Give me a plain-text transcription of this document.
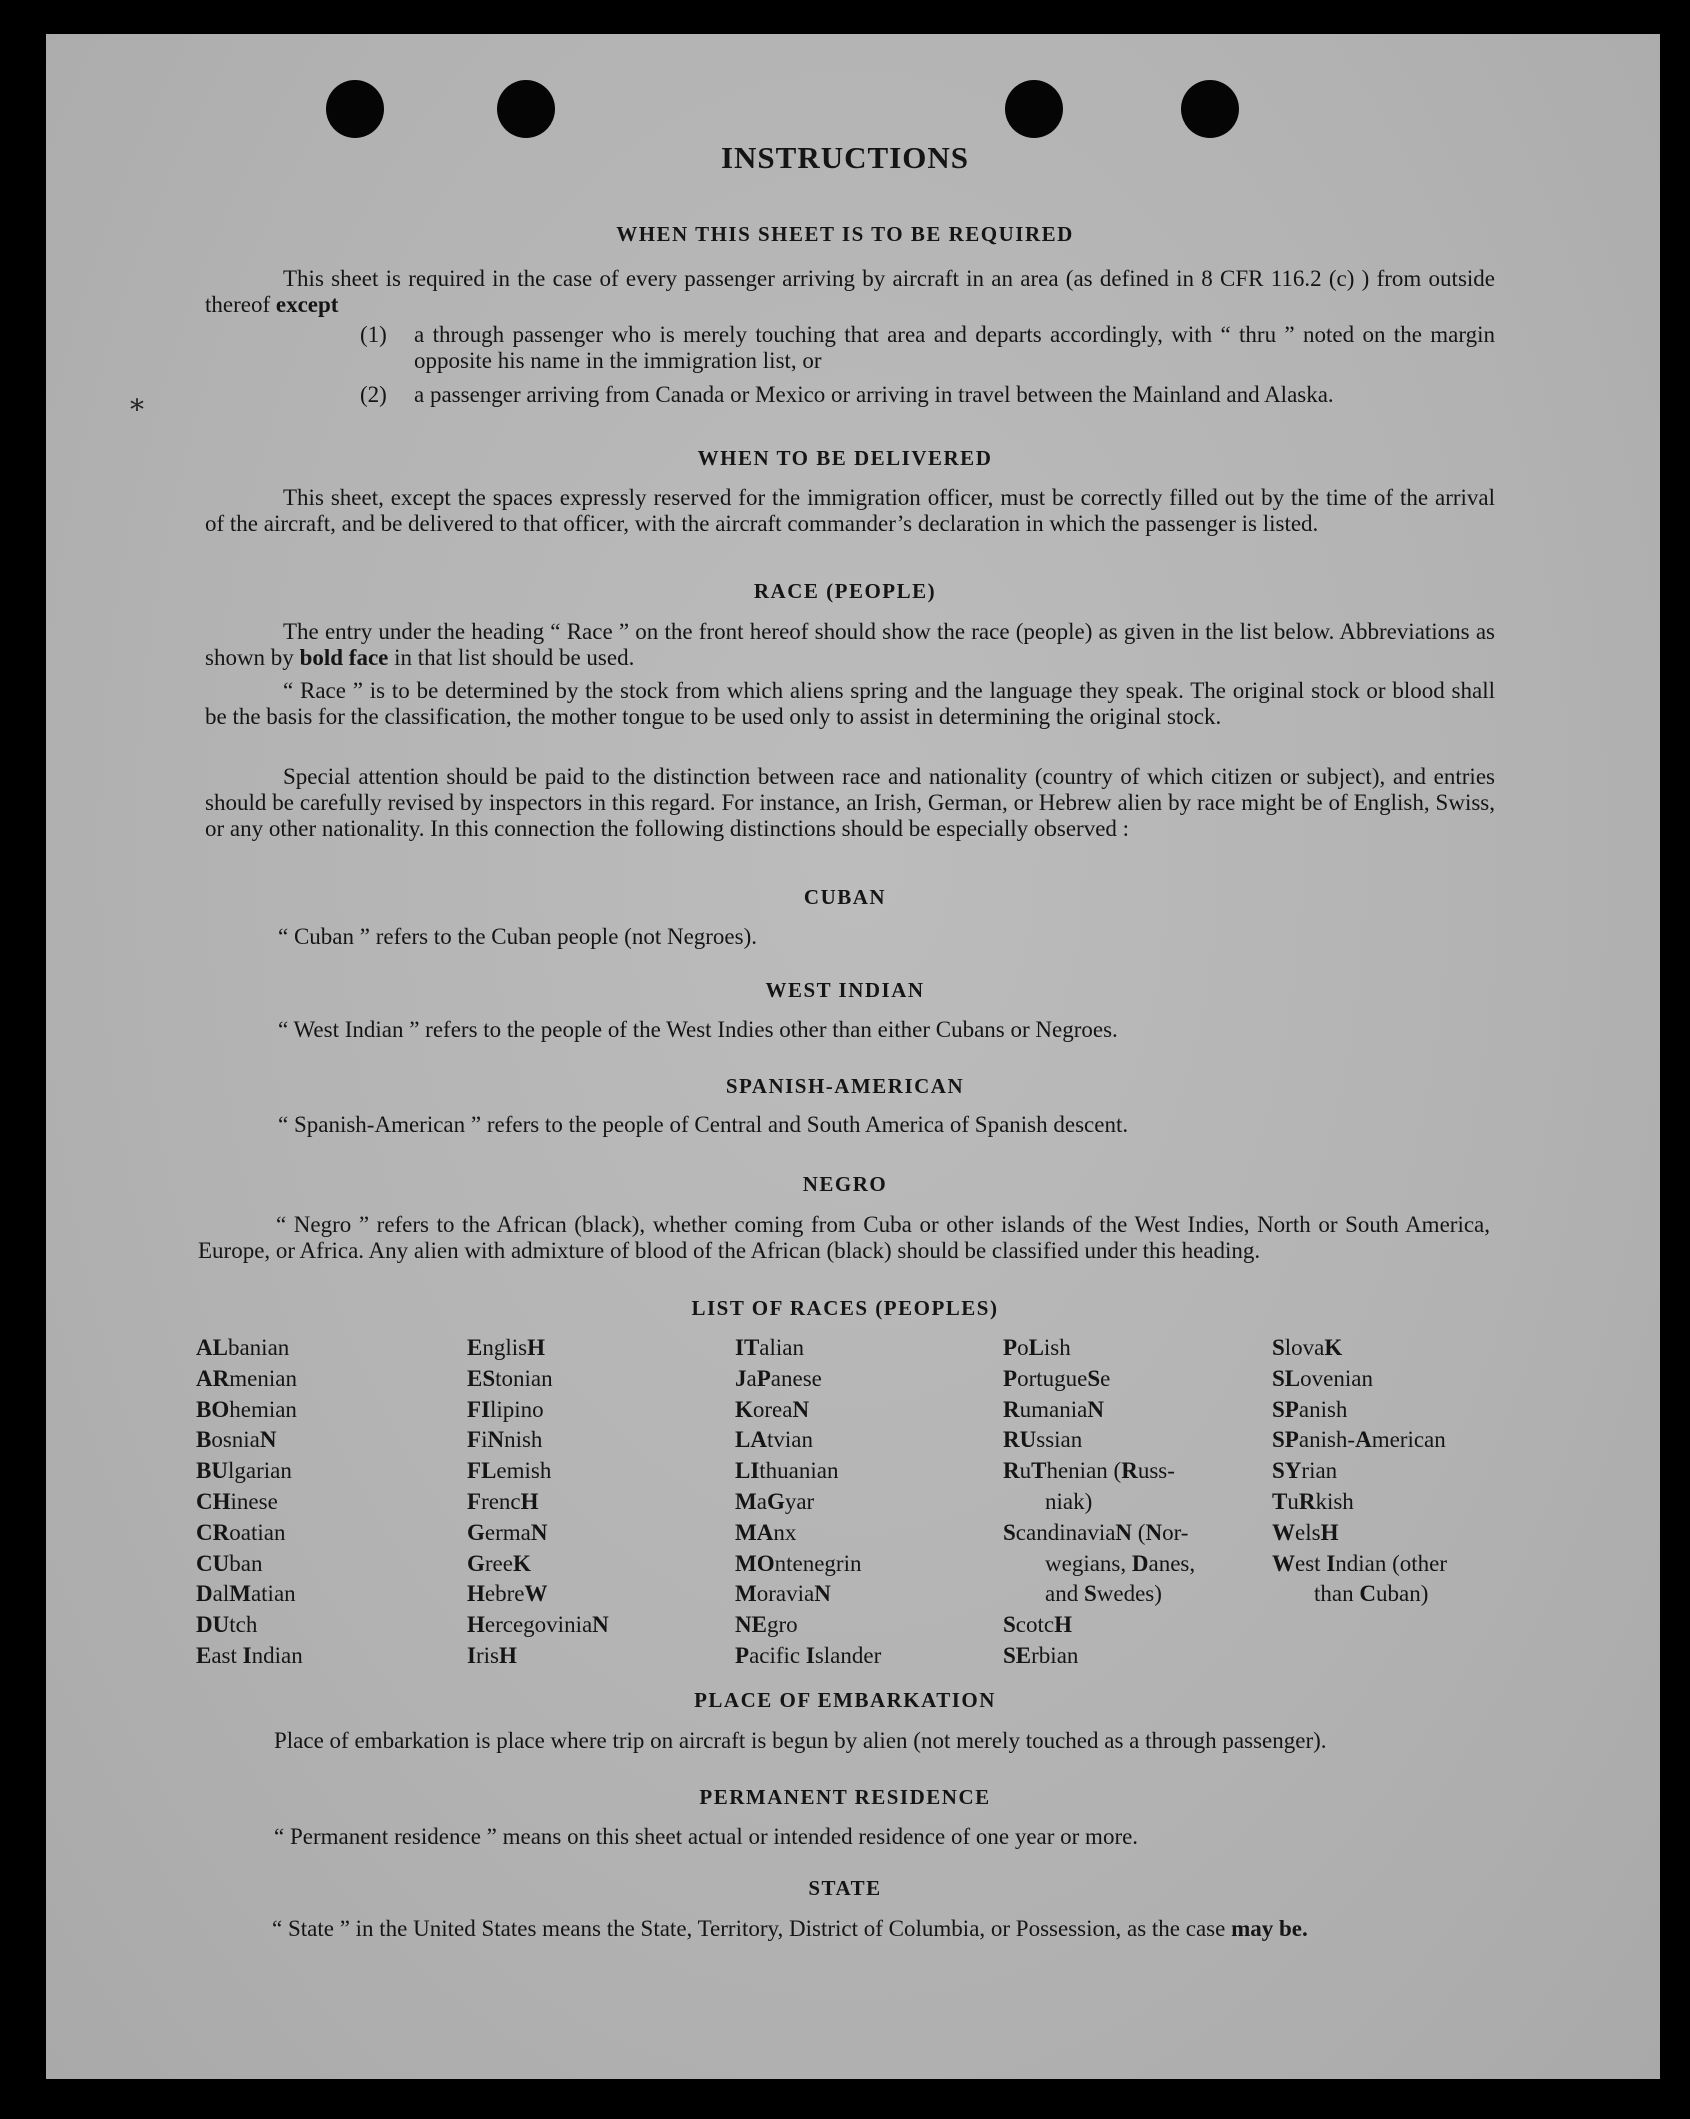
⁎
INSTRUCTIONS
WHEN THIS SHEET IS TO BE REQUIRED
This sheet is required in the case of every passenger arriving by aircraft in an area (as defined in 8 CFR 116.2 (c) ) from outside thereof except
(1) a through passenger who is merely touching that area and departs accordingly, with “ thru ” noted on the margin opposite his name in the immigration list, or
(2) a passenger arriving from Canada or Mexico or arriving in travel between the Mainland and Alaska.
WHEN TO BE DELIVERED
This sheet, except the spaces expressly reserved for the immigration officer, must be correctly filled out by the time of the arrival of the aircraft, and be delivered to that officer, with the aircraft commander’s declaration in which the passenger is listed.
RACE (PEOPLE)
The entry under the heading “ Race ” on the front hereof should show the race (people) as given in the list below. Abbreviations as shown by bold face in that list should be used.
“ Race ” is to be determined by the stock from which aliens spring and the language they speak. The original stock or blood shall be the basis for the classification, the mother tongue to be used only to assist in determining the original stock.
Special attention should be paid to the distinction between race and nationality (country of which citizen or subject), and entries should be carefully revised by inspectors in this regard. For instance, an Irish, German, or Hebrew alien by race might be of English, Swiss, or any other nationality. In this connection the following distinctions should be especially observed :
CUBAN
“ Cuban ” refers to the Cuban people (not Negroes).
WEST INDIAN
“ West Indian ” refers to the people of the West Indies other than either Cubans or Negroes.
SPANISH-AMERICAN
“ Spanish-American ” refers to the people of Central and South America of Spanish descent.
NEGRO
“ Negro ” refers to the African (black), whether coming from Cuba or other islands of the West Indies, North or South America, Europe, or Africa. Any alien with admixture of blood of the African (black) should be classified under this heading.
LIST OF RACES (PEOPLES)
ALbanian
ARmenian
BOhemian
BosniaN
BUlgarian
CHinese
CRoatian
CUban
DalMatian
DUtch
East Indian
EnglisH
EStonian
FIlipino
FiNnish
FLemish
FrencH
GermaN
GreeK
HebreW
HercegoviniaN
IrisH
ITalian
JaPanese
KoreaN
LAtvian
LIthuanian
MaGyar
MAnx
MOntenegrin
MoraviaN
NEgro
Pacific Islander
PoLish
PortugueSe
RumaniaN
RUssian
RuThenian (Russ-
niak)
ScandinaviaN (Nor-
wegians, Danes,
and Swedes)
ScotcH
SErbian
SlovaK
SLovenian
SPanish
SPanish-American
SYrian
TuRkish
WelsH
West Indian (other
than Cuban)
PLACE OF EMBARKATION
Place of embarkation is place where trip on aircraft is begun by alien (not merely touched as a through passenger).
PERMANENT RESIDENCE
“ Permanent residence ” means on this sheet actual or intended residence of one year or more.
STATE
“ State ” in the United States means the State, Territory, District of Columbia, or Possession, as the case may be.
